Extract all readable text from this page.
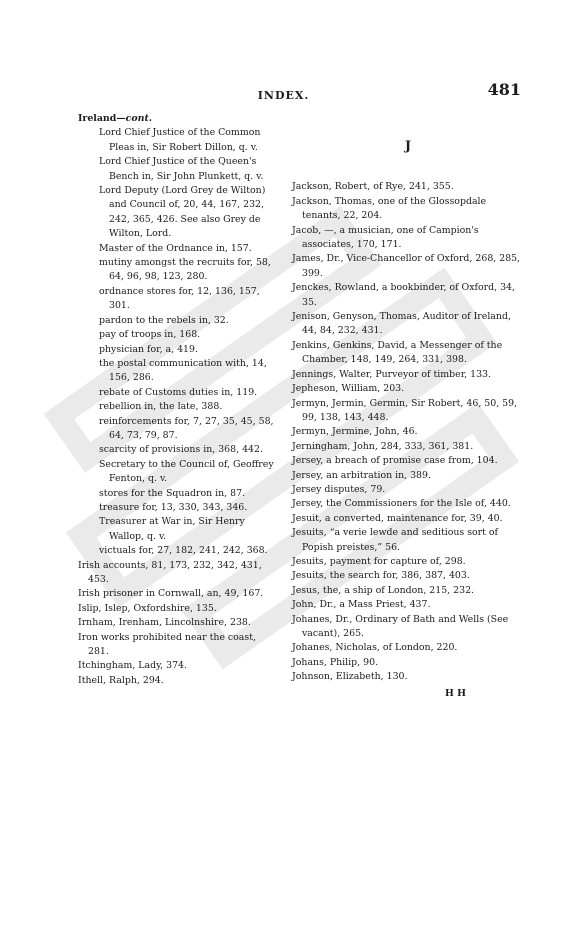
INDEX.	481
Ireland—cont.

Lord Chief Justice of the Common Pleas in, Sir Robert Dillon, q. v.

Lord Chief Justice of the Queen's Bench in, Sir John Plunkett, q. v.

Lord Deputy (Lord Grey de Wilton) and Council of, 20, 44, 167, 232, 242, 365, 426. See also Grey de Wilton, Lord.

Master of the Ordnance in, 157.

mutiny amongst the recruits for, 58, 64, 96, 98, 123, 280.

ordnance stores for, 12, 136, 157, 301.

pardon to the rebels in, 32.

pay of troops in, 168.

physician for, a, 419.

the postal communication with, 14, 156, 286.

rebate of Customs duties in, 119.

rebellion in, the late, 388.

reinforcements for, 7, 27, 35, 45, 58, 64, 73, 79, 87.

scarcity of provisions in, 368, 442.

Secretary to the Council of, Geoffrey Fenton, q. v.

stores for the Squadron in, 87.

treasure for, 13, 330, 343, 346.

Treasurer at War in, Sir Henry Wallop, q. v.

victuals for, 27, 182, 241, 242, 368.

Irish accounts, 81, 173, 232, 342, 431, 453.

Irish prisoner in Cornwall, an, 49, 167.

Islip, Islep, Oxfordshire, 135.

Irnham, Irenham, Lincolnshire, 238.

Iron works prohibited near the coast, 281.

Itchingham, Lady, 374.

Ithell, Ralph, 294.

J

Jackson, Robert, of Rye, 241, 355.

Jackson, Thomas, one of the Glossopdale tenants, 22, 204.

Jacob, —, a musician, one of Campion's associates, 170, 171.

James, Dr., Vice-Chancellor of Oxford, 268, 285, 399.

Jenckes, Rowland, a bookbinder, of Oxford, 34, 35.

Jenison, Genyson, Thomas, Auditor of Ireland, 44, 84, 232, 431.

Jenkins, Genkins, David, a Messenger of the Chamber, 148, 149, 264, 331, 398.

Jennings, Walter, Purveyor of timber, 133.

Jepheson, William, 203.

Jermyn, Jermin, Germin, Sir Robert, 46, 50, 59, 99, 138, 143, 448.

Jermyn, Jermine, John, 46.

Jerningham, John, 284, 333, 361, 381.

Jersey, a breach of promise case from, 104.

Jersey, an arbitration in, 389.

Jersey disputes, 79.

Jersey, the Commissioners for the Isle of, 440.

Jesuit, a converted, maintenance for, 39, 40.

Jesuits, “a verie lewde and seditious sort of Popish preistes,” 56.

Jesuits, payment for capture of, 298.

Jesuits, the search for, 386, 387, 403.

Jesus, the, a ship of London, 215, 232.

John, Dr., a Mass Priest, 437.

Johanes, Dr., Ordinary of Bath and Wells (See vacant), 265.

Johanes, Nicholas, of London, 220.

Johans, Philip, 90.

Johnson, Elizabeth, 130.

H H
